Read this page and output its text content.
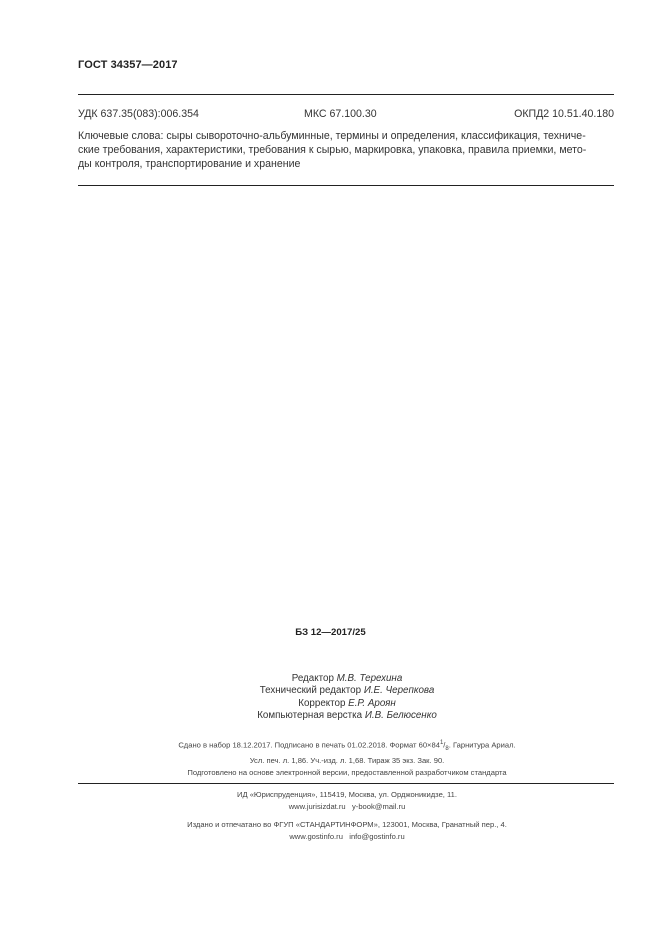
ГОСТ 34357—2017
УДК 637.35(083):006.354	МКС 67.100.30	ОКПД2 10.51.40.180
Ключевые слова: сыры сывороточно-альбуминные, термины и определения, классификация, техниче-
ские требования, характеристики, требования к сырью, маркировка, упаковка, правила приемки, мето-
ды контроля, транспортирование и хранение
БЗ 12—2017/25
Редактор М.В. Терехина
Технический редактор И.Е. Черепкова
Корректор Е.Р. Ароян
Компьютерная верстка И.В. Белюсенко
Сдано в набор 18.12.2017. Подписано в печать 01.02.2018. Формат $60\times 84^1/_8$. Гарнитура Ариал.
Усл. печ. л. 1,86. Уч.-изд. л. 1,68. Тираж 35 экз. Зак. 90.
Подготовлено на основе электронной версии, предоставленной разработчиком стандарта
ИД «Юриспруденция», 115419, Москва, ул. Орджоникидзе, 11.
www.jurisizdat.ru y-book@mail.ru
Издано и отпечатано во ФГУП «СТАНДАРТИНФОРМ», 123001, Москва, Гранатный пер., 4.
www.gostinfo.ru info@gostinfo.ru
